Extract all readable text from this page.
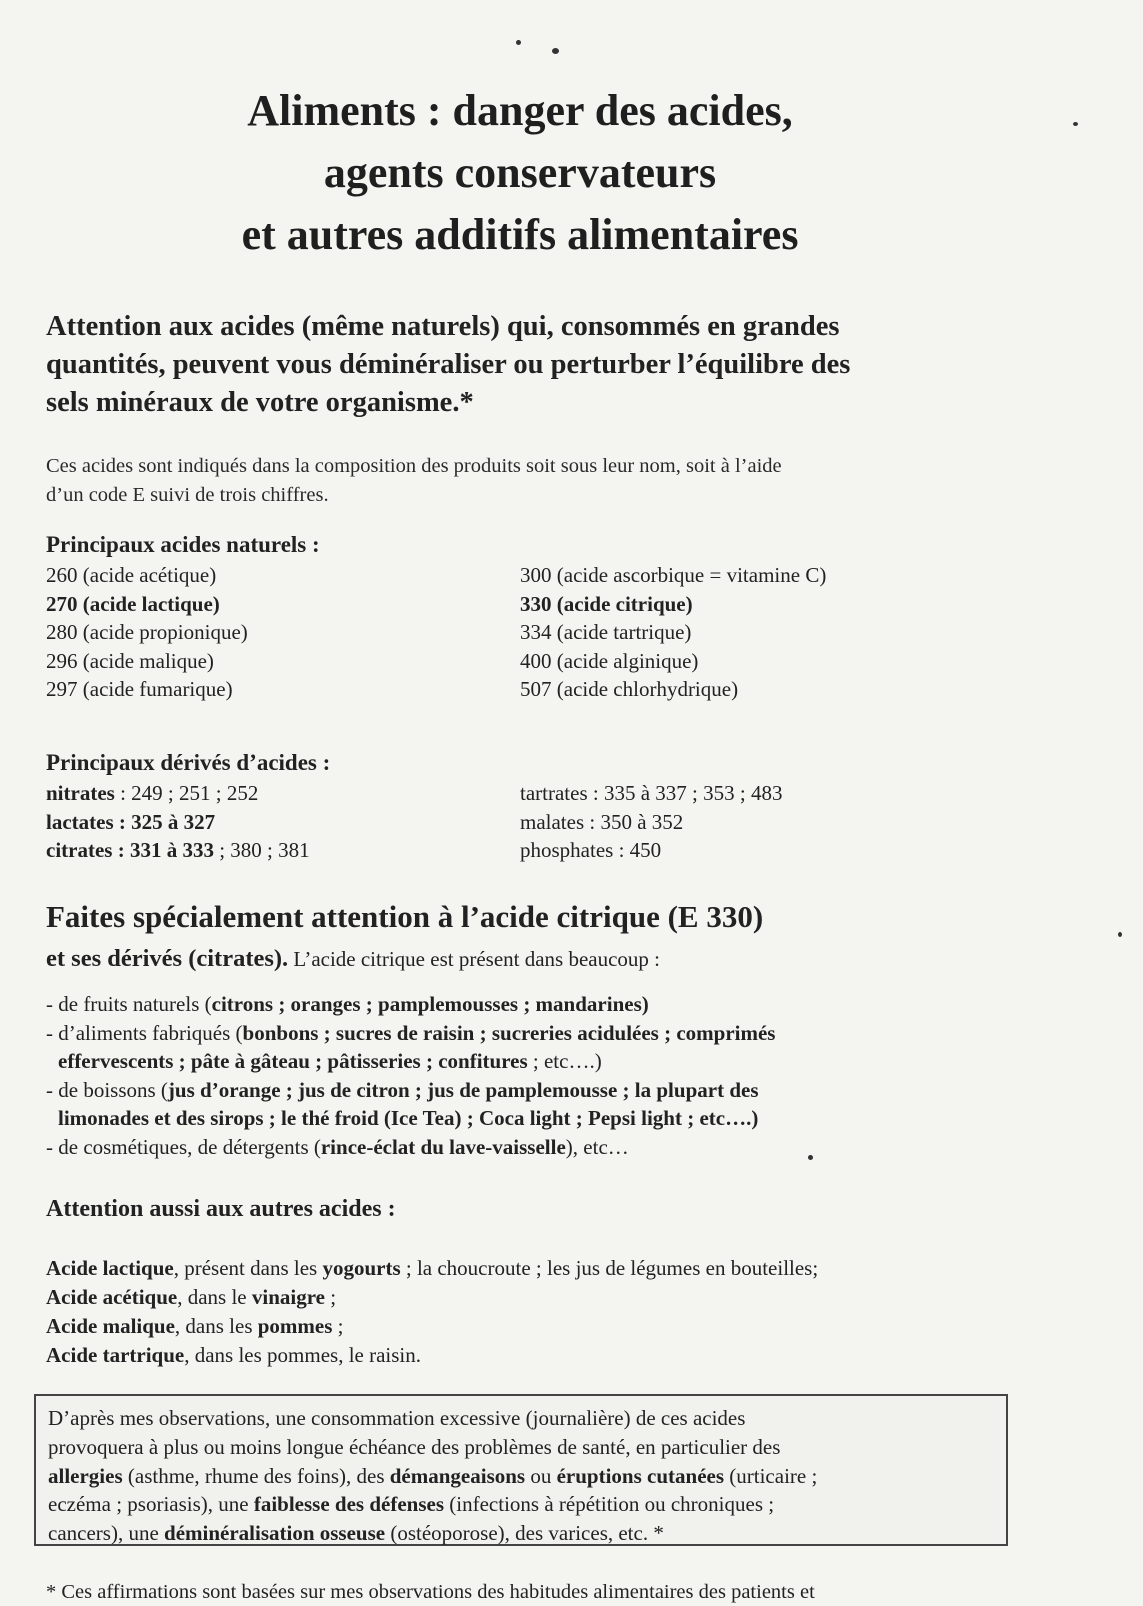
Aliments : danger des acides,
agents conservateurs
et autres additifs alimentaires
Attention aux acides (même naturels) qui, consommés en grandes
quantités, peuvent vous déminéraliser ou perturber l’équilibre des
sels minéraux de votre organisme.*
Ces acides sont indiqués dans la composition des produits soit sous leur nom, soit à l’aide
d’un code E suivi de trois chiffres.
Principaux acides naturels :
260 (acide acétique)
270 (acide lactique)
280 (acide propionique)
296 (acide malique)
297 (acide fumarique)
300 (acide ascorbique = vitamine C)
330 (acide citrique)
334 (acide tartrique)
400 (acide alginique)
507 (acide chlorhydrique)
Principaux dérivés d’acides :
nitrates : 249 ; 251 ; 252
lactates : 325 à 327
citrates : 331 à 333 ; 380 ; 381
tartrates : 335 à 337 ; 353 ; 483
malates : 350 à 352
phosphates : 450
Faites spécialement attention à l’acide citrique (E 330)
et ses dérivés (citrates). L’acide citrique est présent dans beaucoup :
- de fruits naturels (citrons ; oranges ; pamplemousses ; mandarines)
- d’aliments fabriqués (bonbons ; sucres de raisin ; sucreries acidulées ; comprimés
effervescents ; pâte à gâteau ; pâtisseries ; confitures ; etc….)
- de boissons (jus d’orange ; jus de citron ; jus de pamplemousse ; la plupart des
limonades et des sirops ; le thé froid (Ice Tea) ; Coca light ; Pepsi light ; etc….)
- de cosmétiques, de détergents (rince-éclat du lave-vaisselle), etc…
Attention aussi aux autres acides :
Acide lactique, présent dans les yogourts ; la choucroute ; les jus de légumes en bouteilles;
Acide acétique, dans le vinaigre ;
Acide malique, dans les pommes ;
Acide tartrique, dans les pommes, le raisin.
D’après mes observations, une consommation excessive (journalière) de ces acides
provoquera à plus ou moins longue échéance des problèmes de santé, en particulier des
allergies (asthme, rhume des foins), des démangeaisons ou éruptions cutanées (urticaire ;
eczéma ; psoriasis), une faiblesse des défenses (infections à répétition ou chroniques ;
cancers), une déminéralisation osseuse (ostéoporose), des varices, etc. *
* Ces affirmations sont basées sur mes observations des habitudes alimentaires des patients et
